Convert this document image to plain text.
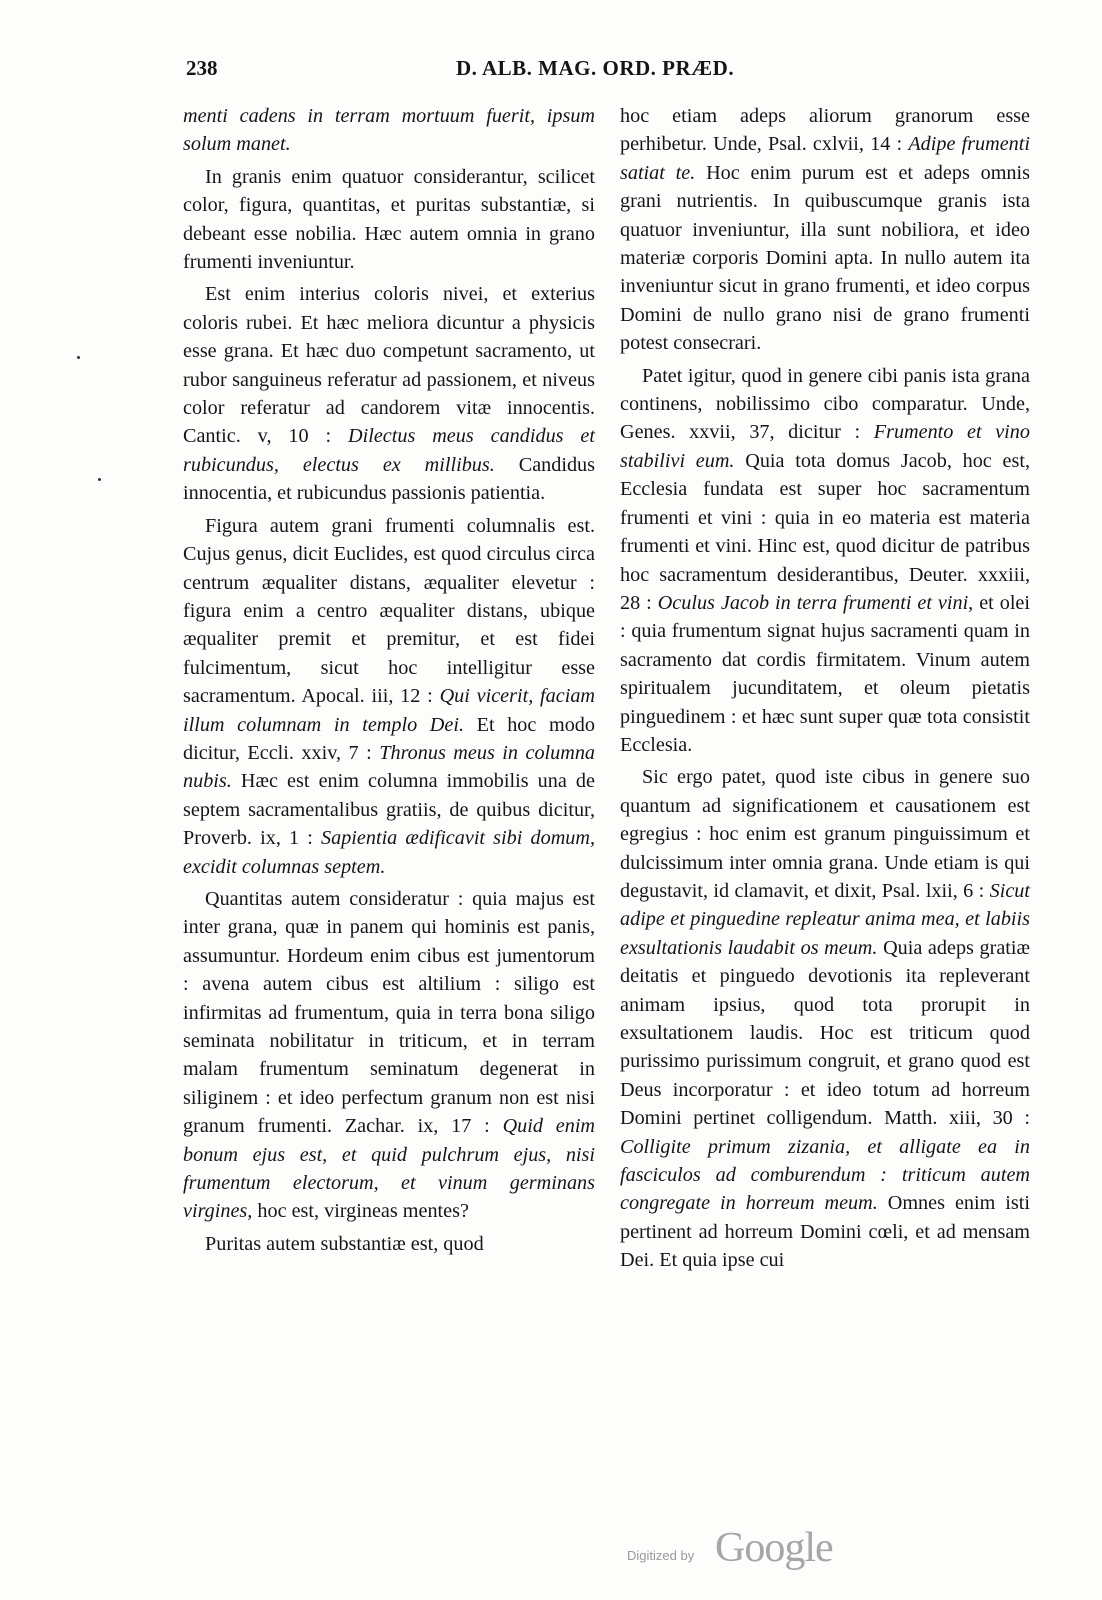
238	D. ALB. MAG. ORD. PRÆD.

menti cadens in terram mortuum fuerit, ipsum solum manet.

In granis enim quatuor considerantur, scilicet color, figura, quantitas, et puritas substantiæ, si debeant esse nobilia. Hæc autem omnia in grano frumenti inveniuntur.

Est enim interius coloris nivei, et exterius coloris rubei. Et hæc meliora dicuntur a physicis esse grana. Et hæc duo competunt sacramento, ut rubor sanguineus referatur ad passionem, et niveus color referatur ad candorem vitæ innocentis. Cantic. v, 10 : Dilectus meus candidus et rubicundus, electus ex millibus. Candidus innocentia, et rubicundus passionis patientia.

Figura autem grani frumenti columnalis est. Cujus genus, dicit Euclides, est quod circulus circa centrum æqualiter distans, æqualiter elevetur : figura enim a centro æqualiter distans, ubique æqualiter premit et premitur, et est fidei fulcimentum, sicut hoc intelligitur esse sacramentum. Apocal. iii, 12 : Qui vicerit, faciam illum columnam in templo Dei. Et hoc modo dicitur, Eccli. xxiv, 7 : Thronus meus in columna nubis. Hæc est enim columna immobilis una de septem sacramentalibus gratiis, de quibus dicitur, Proverb. ix, 1 : Sapientia ædificavit sibi domum, excidit columnas septem.

Quantitas autem consideratur : quia majus est inter grana, quæ in panem qui hominis est panis, assumuntur. Hordeum enim cibus est jumentorum : avena autem cibus est altilium : siligo est infirmitas ad frumentum, quia in terra bona siligo seminata nobilitatur in triticum, et in terram malam frumentum seminatum degenerat in siliginem : et ideo perfectum granum non est nisi granum frumenti. Zachar. ix, 17 : Quid enim bonum ejus est, et quid pulchrum ejus, nisi frumentum electorum, et vinum germinans virgines, hoc est, virgineas mentes?

Puritas autem substantiæ est, quod

hoc etiam adeps aliorum granorum esse perhibetur. Unde, Psal. cxlvii, 14 : Adipe frumenti satiat te. Hoc enim purum est et adeps omnis grani nutrientis. In quibuscumque granis ista quatuor inveniuntur, illa sunt nobiliora, et ideo materiæ corporis Domini apta. In nullo autem ita inveniuntur sicut in grano frumenti, et ideo corpus Domini de nullo grano nisi de grano frumenti potest consecrari.

Patet igitur, quod in genere cibi panis ista grana continens, nobilissimo cibo comparatur. Unde, Genes. xxvii, 37, dicitur : Frumento et vino stabilivi eum. Quia tota domus Jacob, hoc est, Ecclesia fundata est super hoc sacramentum frumenti et vini : quia in eo materia est materia frumenti et vini. Hinc est, quod dicitur de patribus hoc sacramentum desiderantibus, Deuter. xxxiii, 28 : Oculus Jacob in terra frumenti et vini, et olei : quia frumentum signat hujus sacramenti quam in sacramento dat cordis firmitatem. Vinum autem spiritualem jucunditatem, et oleum pietatis pinguedinem : et hæc sunt super quæ tota consistit Ecclesia.

Sic ergo patet, quod iste cibus in genere suo quantum ad significationem et causationem est egregius : hoc enim est granum pinguissimum et dulcissimum inter omnia grana. Unde etiam is qui degustavit, id clamavit, et dixit, Psal. lxii, 6 : Sicut adipe et pinguedine repleatur anima mea, et labiis exsultationis laudabit os meum. Quia adeps gratiæ deitatis et pinguedo devotionis ita repleverant animam ipsius, quod tota prorupit in exsultationem laudis. Hoc est triticum quod purissimo purissimum congruit, et grano quod est Deus incorporatur : et ideo totum ad horreum Domini pertinet colligendum. Matth. xiii, 30 : Colligite primum zizania, et alligate ea in fasciculos ad comburendum : triticum autem congregate in horreum meum. Omnes enim isti pertinent ad horreum Domini cœli, et ad mensam Dei. Et quia ipse cui

Digitized by Google
